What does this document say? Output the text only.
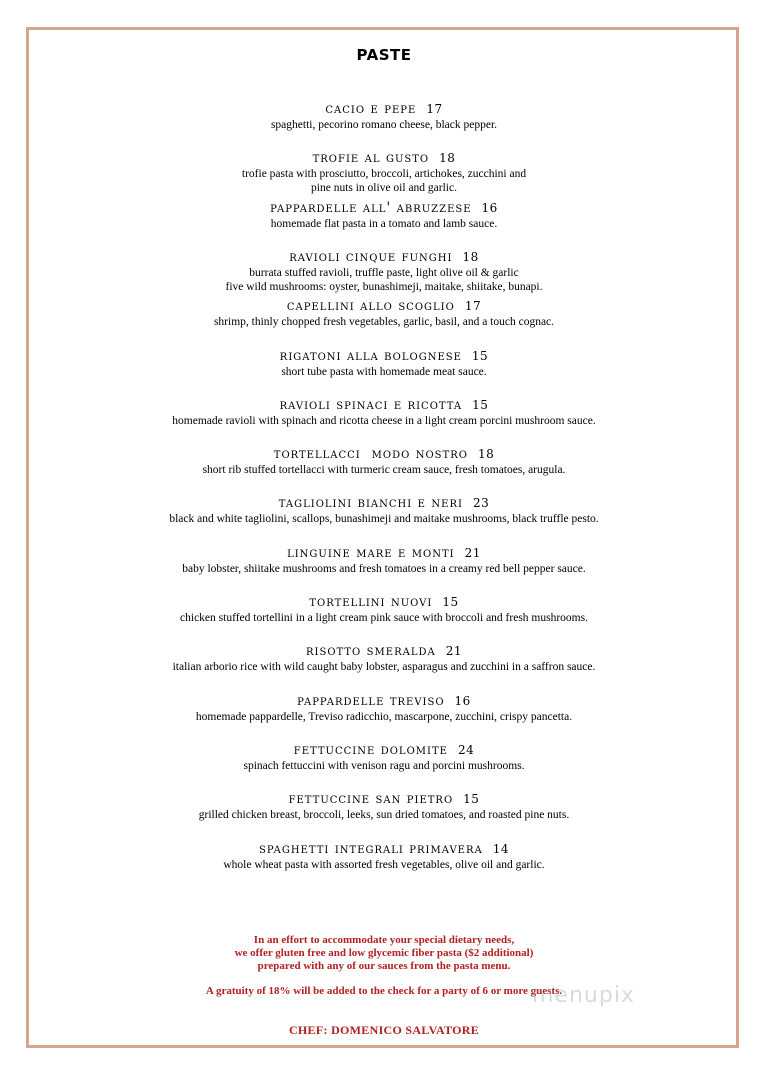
PASTE
cacio e pepe 17
spaghetti, pecorino romano cheese, black pepper.
trofie al gusto 18
trofie pasta with prosciutto, broccoli, artichokes, zucchini and
pine nuts in olive oil and garlic.
pappardelle all' abruzzese 16
homemade flat pasta in a tomato and lamb sauce.
ravioli cinque funghi 18
burrata stuffed ravioli, truffle paste, light olive oil & garlic
five wild mushrooms: oyster, bunashimeji, maitake, shiitake, bunapi.
capellini allo scoglio 17
shrimp, thinly chopped fresh vegetables, garlic, basil, and a touch cognac.
rigatoni alla bolognese 15
short tube pasta with homemade meat sauce.
ravioli spinaci e ricotta 15
homemade ravioli with spinach and ricotta cheese in a light cream porcini mushroom sauce.
tortellacci  modo nostro 18
short rib stuffed tortellacci with turmeric cream sauce, fresh tomatoes, arugula.
tagliolini bianchi e neri 23
black and white tagliolini, scallops, bunashimeji and maitake mushrooms, black truffle pesto.
linguine mare e monti 21
baby lobster, shiitake mushrooms and fresh tomatoes in a creamy red bell pepper sauce.
tortellini nuovi 15
chicken stuffed tortellini in a light cream pink sauce with broccoli and fresh mushrooms.
risotto smeralda 21
italian arborio rice with wild caught baby lobster, asparagus and zucchini in a saffron sauce.
pappardelle treviso 16
homemade pappardelle, Treviso radicchio, mascarpone, zucchini, crispy pancetta.
fettuccine dolomite 24
spinach fettuccini with venison ragu and porcini mushrooms.
fettuccine san pietro 15
grilled chicken breast, broccoli, leeks, sun dried tomatoes, and roasted pine nuts.
spaghetti integrali primavera 14
whole wheat pasta with assorted fresh vegetables, olive oil and garlic.
In an effort to accommodate your special dietary needs,
we offer gluten free and low glycemic fiber pasta ($2 additional)
prepared with any of our sauces from the pasta menu.
A gratuity of 18% will be added to the check for a party of 6 or more guests.
menupix
CHEF: DOMENICO SALVATORE
